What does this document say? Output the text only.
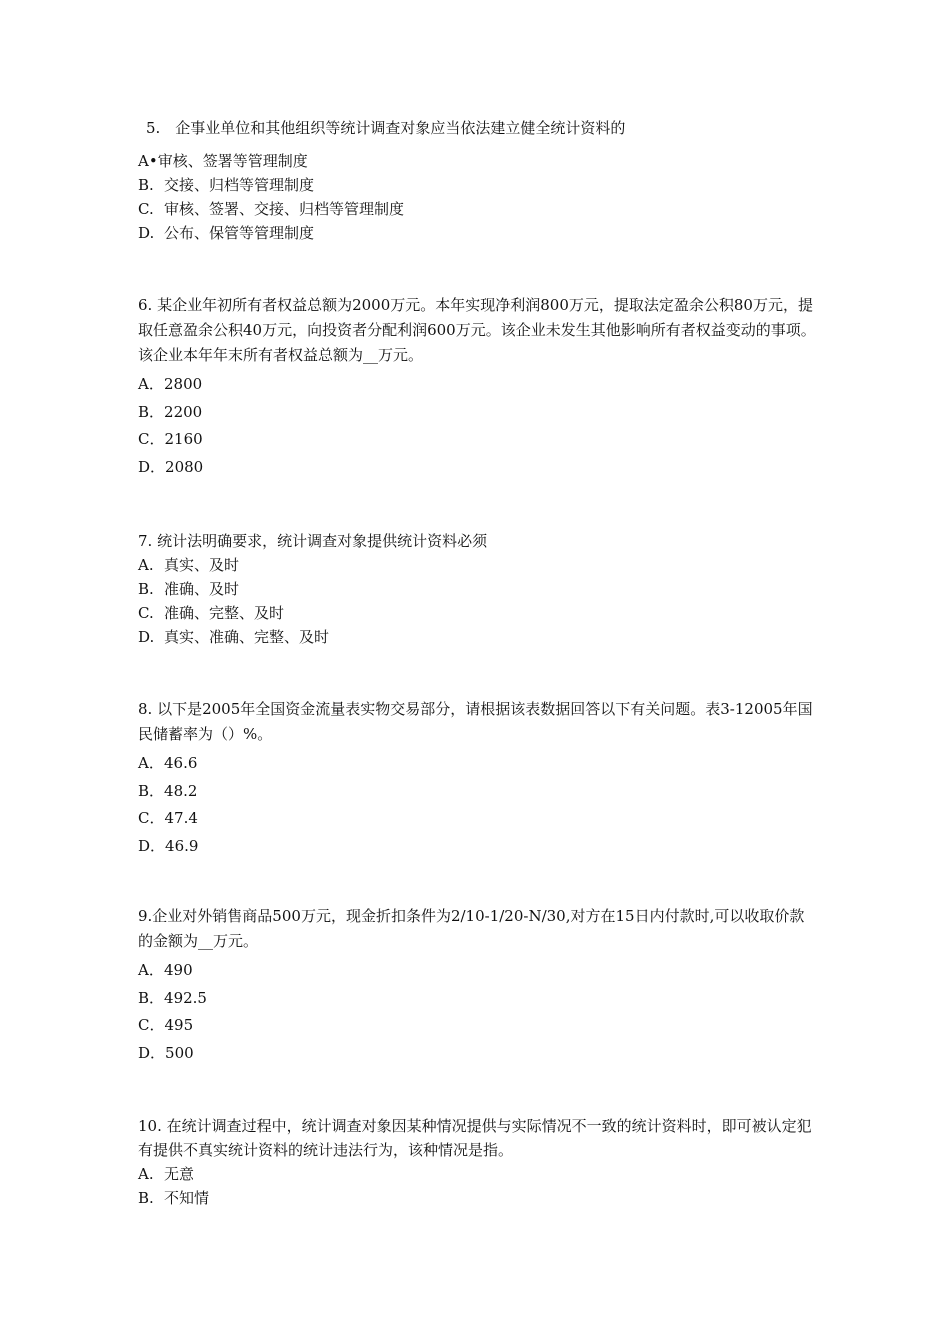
5.　企事业单位和其他组织等统计调查对象应当依法建立健全统计资料的

A•审核、签署等管理制度

B. 交接、归档等管理制度

C. 审核、签署、交接、归档等管理制度

D. 公布、保管等管理制度

6. 某企业年初所有者权益总额为2000万元。本年实现净利润800万元，提取法定盈余公积80万元，提取任意盈余公积40万元，向投资者分配利润600万元。该企业未发生其他影响所有者权益变动的事项。该企业本年年末所有者权益总额为__万元。

A．2800

B．2200

C．2160

D．2080

7. 统计法明确要求，统计调查对象提供统计资料必须

A. 真实、及时

B. 准确、及时

C. 准确、完整、及时

D. 真实、准确、完整、及时

8. 以下是2005年全国资金流量表实物交易部分，请根据该表数据回答以下有关问题。表3-12005年国民储蓄率为（）%。

A．46.6

B．48.2

C．47.4

D．46.9

9.企业对外销售商品500万元，现金折扣条件为2/10-1/20-N/30,对方在15日内付款时,可以收取价款的金额为__万元。

A．490

B．492.5

C．495

D．500

10. 在统计调查过程中，统计调查对象因某种情况提供与实际情况不一致的统计资料时，即可被认定犯有提供不真实统计资料的统计违法行为，该种情况是指。

A. 无意

B. 不知情
